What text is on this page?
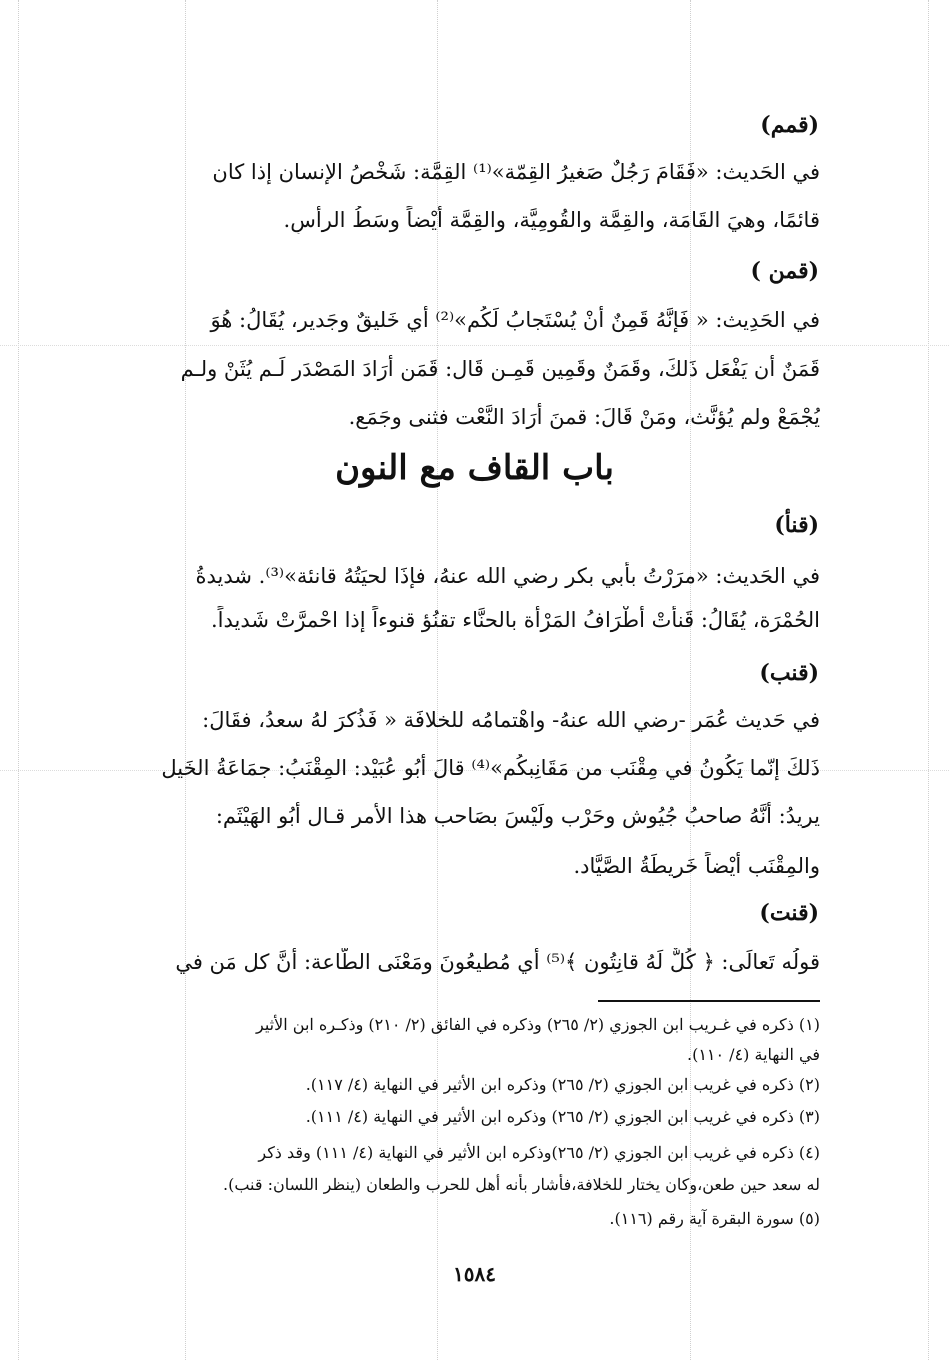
(قمم)
في الحَديث: «فَقَامَ رَجُلٌ صَغيرُ القِمّة»⁽¹⁾ القِمَّة: شَخْصُ الإنسان إذا كان
قائمًا، وهيَ القَامَة، والقِمَّة والقُومِيَّة، والقِمَّة أيْضاً وسَطُ الرأسِ.
(قمن )
في الحَدِيث: « فَإنَّهُ قَمِنٌ أَنْ يُسْتَجابُ لَكُم»⁽²⁾ أي خَليقٌ وجَدير، يُقَالُ: هُوَ
قَمَنٌ أن يَفْعَل ذَلكَ، وقَمَنٌ وقَمِين قَمِـن قَال: قَمَن أرَادَ المَصْدَر لَـم يُثَنْ ولـم
يُجْمَعْ ولم يُؤنَّث، ومَنْ قَالَ: قمنَ أرَادَ النَّعْت فثنى وجَمَع.
باب القاف مع النون
(قنأ)
في الحَديث: «مرَرْتُ بأبي بكر رضي الله عنهُ، فإذَا لحيَتُهُ قانئة»⁽³⁾. شديدةُ
الحُمْرَة، يُقَالُ: قَنأتْ أطْرَافُ المَرْأة بالحنَّاء تقنُؤ قنوءاً إذا احْمرَّتْ شَديداً.
(قنب)
في حَديث عُمَر -رضي الله عنهُ- واهْتمامُه للخلافَة « فَذُكرَ لهُ سعدُ، فقَالَ:
ذَلكَ إنّما يَكُونُ في مِقْنَب من مَقَانِبكُم»⁽⁴⁾ قالَ أبُو عُبَيْد: المِقْنَبُ: جمَاعَةُ الخَيل
يريدُ: أنَّهُ صاحبُ جُيُوش وحَرْب ولَيْسَ بصَاحب هذا الأمر قـال أبُو الهَيْثَم:
والمِقْنَب أيْضاً خَريطَةُ الصَّيَّاد.
(قنت)
قولُه تَعالَى: ﴿ كُلٌّ لَهُ قانِتُون ﴾⁽⁵⁾ أي مُطيعُونَ ومَعْنَى الطَّاعة: أنَّ كل مَن في
(١) ذكره في غـريب ابن الجوزي (٢/ ٢٦٥) وذكره في الفائق (٢/ ٢١٠) وذكـره ابن الأثير
في النهاية (٤/ ١١٠).
(٢) ذكره في غريب ابن الجوزي (٢/ ٢٦٥) وذكره ابن الأثير في النهاية (٤/ ١١٧).
(٣) ذكره في غريب ابن الجوزي (٢/ ٢٦٥) وذكره ابن الأثير في النهاية (٤/ ١١١).
(٤) ذكره في غريب ابن الجوزي (٢/ ٢٦٥)وذكره ابن الأثير في النهاية (٤/ ١١١) وقد ذكر
له سعد حين طعن،وكان يختار للخلافة،فأشار بأنه أهل للحرب والطعان (ينظر اللسان: قنب).
(٥) سورة البقرة آية رقم (١١٦).
١٥٨٤
